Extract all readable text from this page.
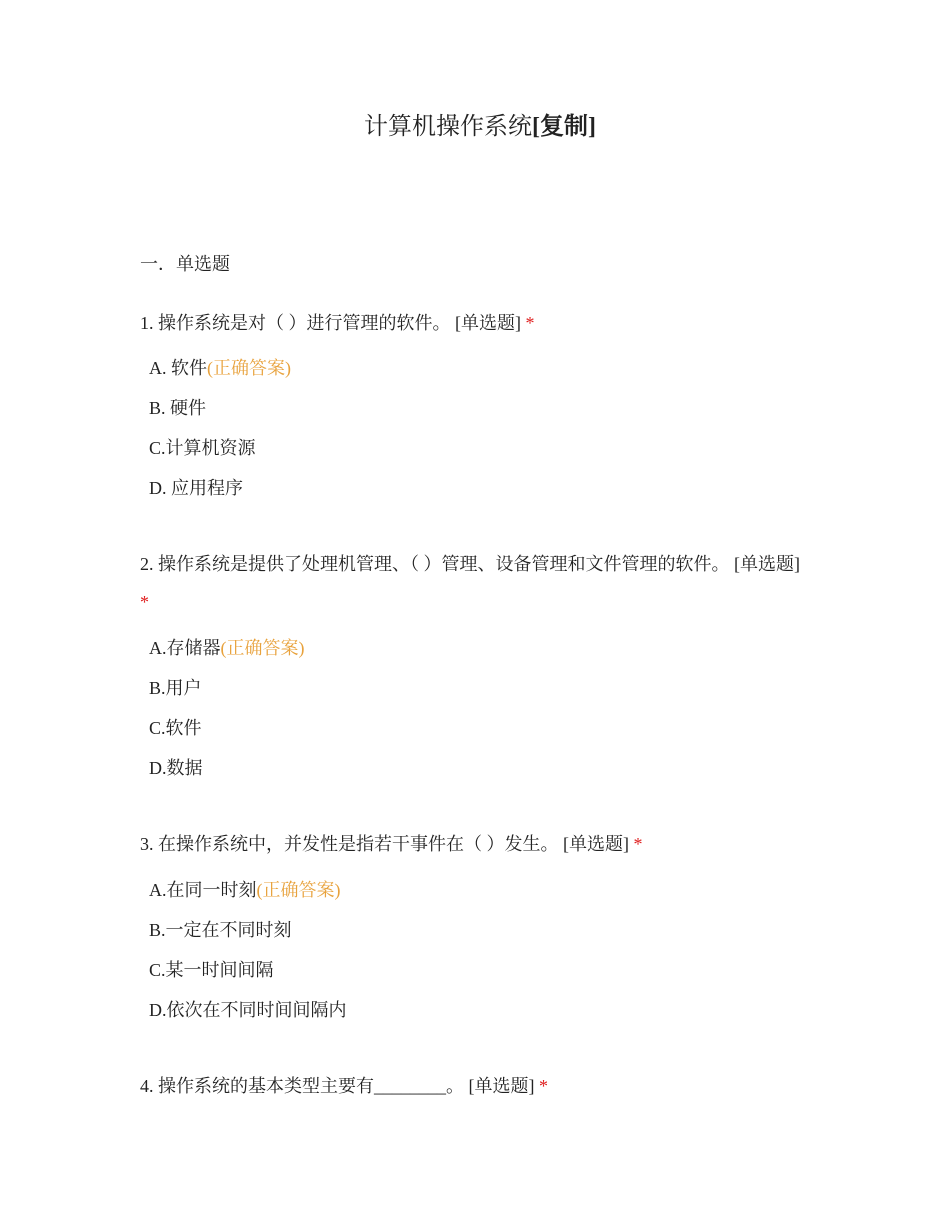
计算机操作系统[复制]
一．单选题
1. 操作系统是对（ ）进行管理的软件。 [单选题] *
A. 软件(正确答案)
B. 硬件
C.计算机资源
D. 应用程序
2. 操作系统是提供了处理机管理、（ ）管理、设备管理和文件管理的软件。 [单选题] *
A.存储器(正确答案)
B.用户
C.软件
D.数据
3. 在操作系统中，并发性是指若干事件在（ ）发生。 [单选题] *
A.在同一时刻(正确答案)
B.一定在不同时刻
C.某一时间间隔
D.依次在不同时间间隔内
4. 操作系统的基本类型主要有________。 [单选题] *
